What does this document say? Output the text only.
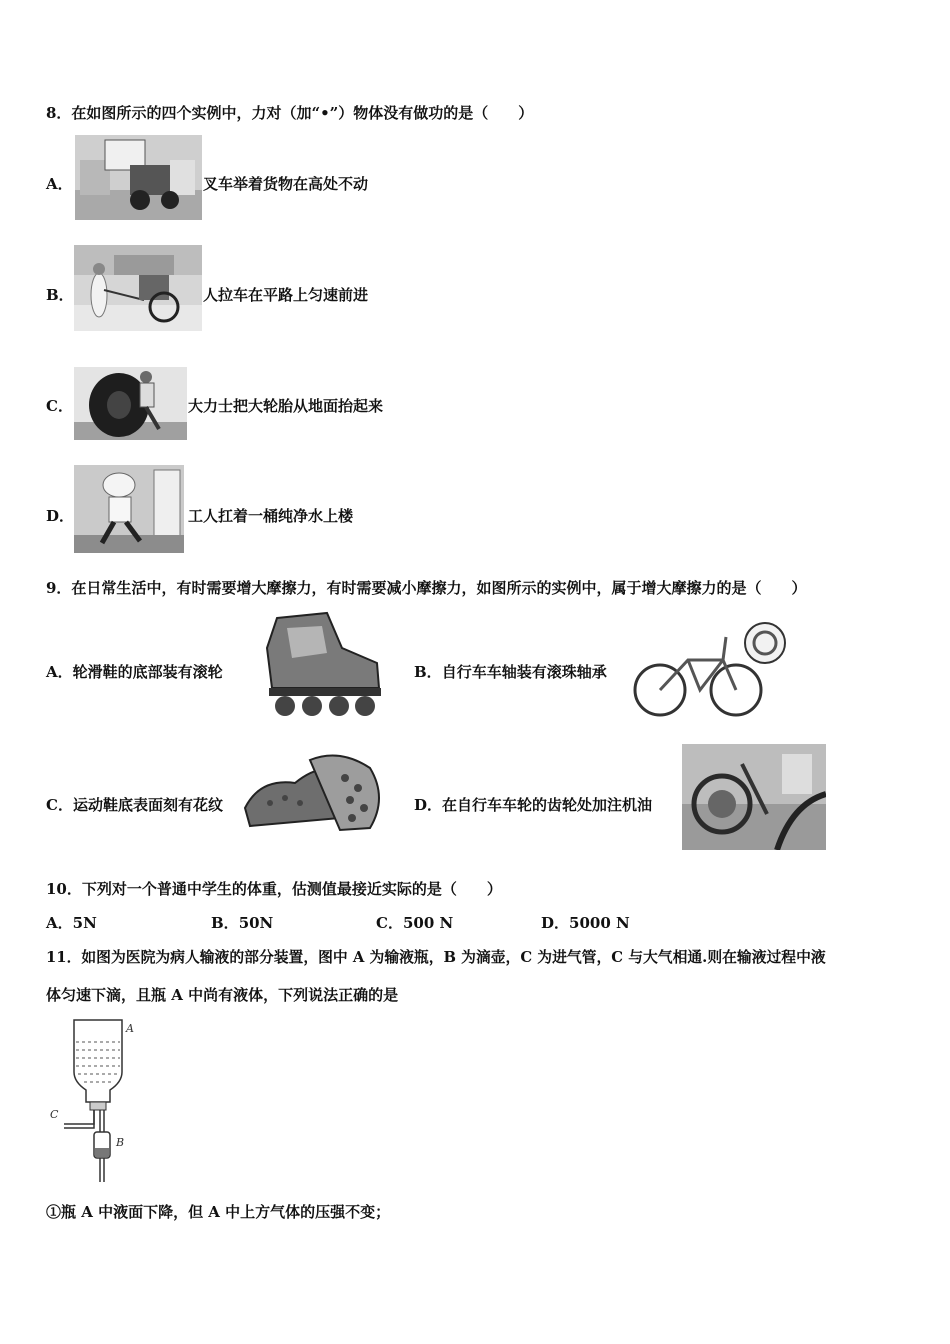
8．在如图所示的四个实例中，力对（加“•”）物体没有做功的是（　　）
A．	叉车举着货物在高处不动
B．	人拉车在平路上匀速前进
C．	大力士把大轮胎从地面抬起来
D．	工人扛着一桶纯净水上楼
9．在日常生活中，有时需要增大摩擦力，有时需要减小摩擦力，如图所示的实例中，属于增大摩擦力的是（　　）
A．轮滑鞋的底部装有滚轮	B．自行车车轴装有滚珠轴承
C．运动鞋底表面刻有花纹	D．在自行车车轮的齿轮处加注机油
10．下列对一个普通中学生的体重，估测值最接近实际的是（　　）
A．5N	B．50N	C．500 N	D．5000 N
11．如图为医院为病人输液的部分装置，图中 A 为输液瓶，B 为滴壶，C 为进气管，C 与大气相通.则在输液过程中液
体匀速下滴，且瓶 A 中尚有液体，下列说法正确的是
A
B
C
①瓶 A 中液面下降，但 A 中上方气体的压强不变；
